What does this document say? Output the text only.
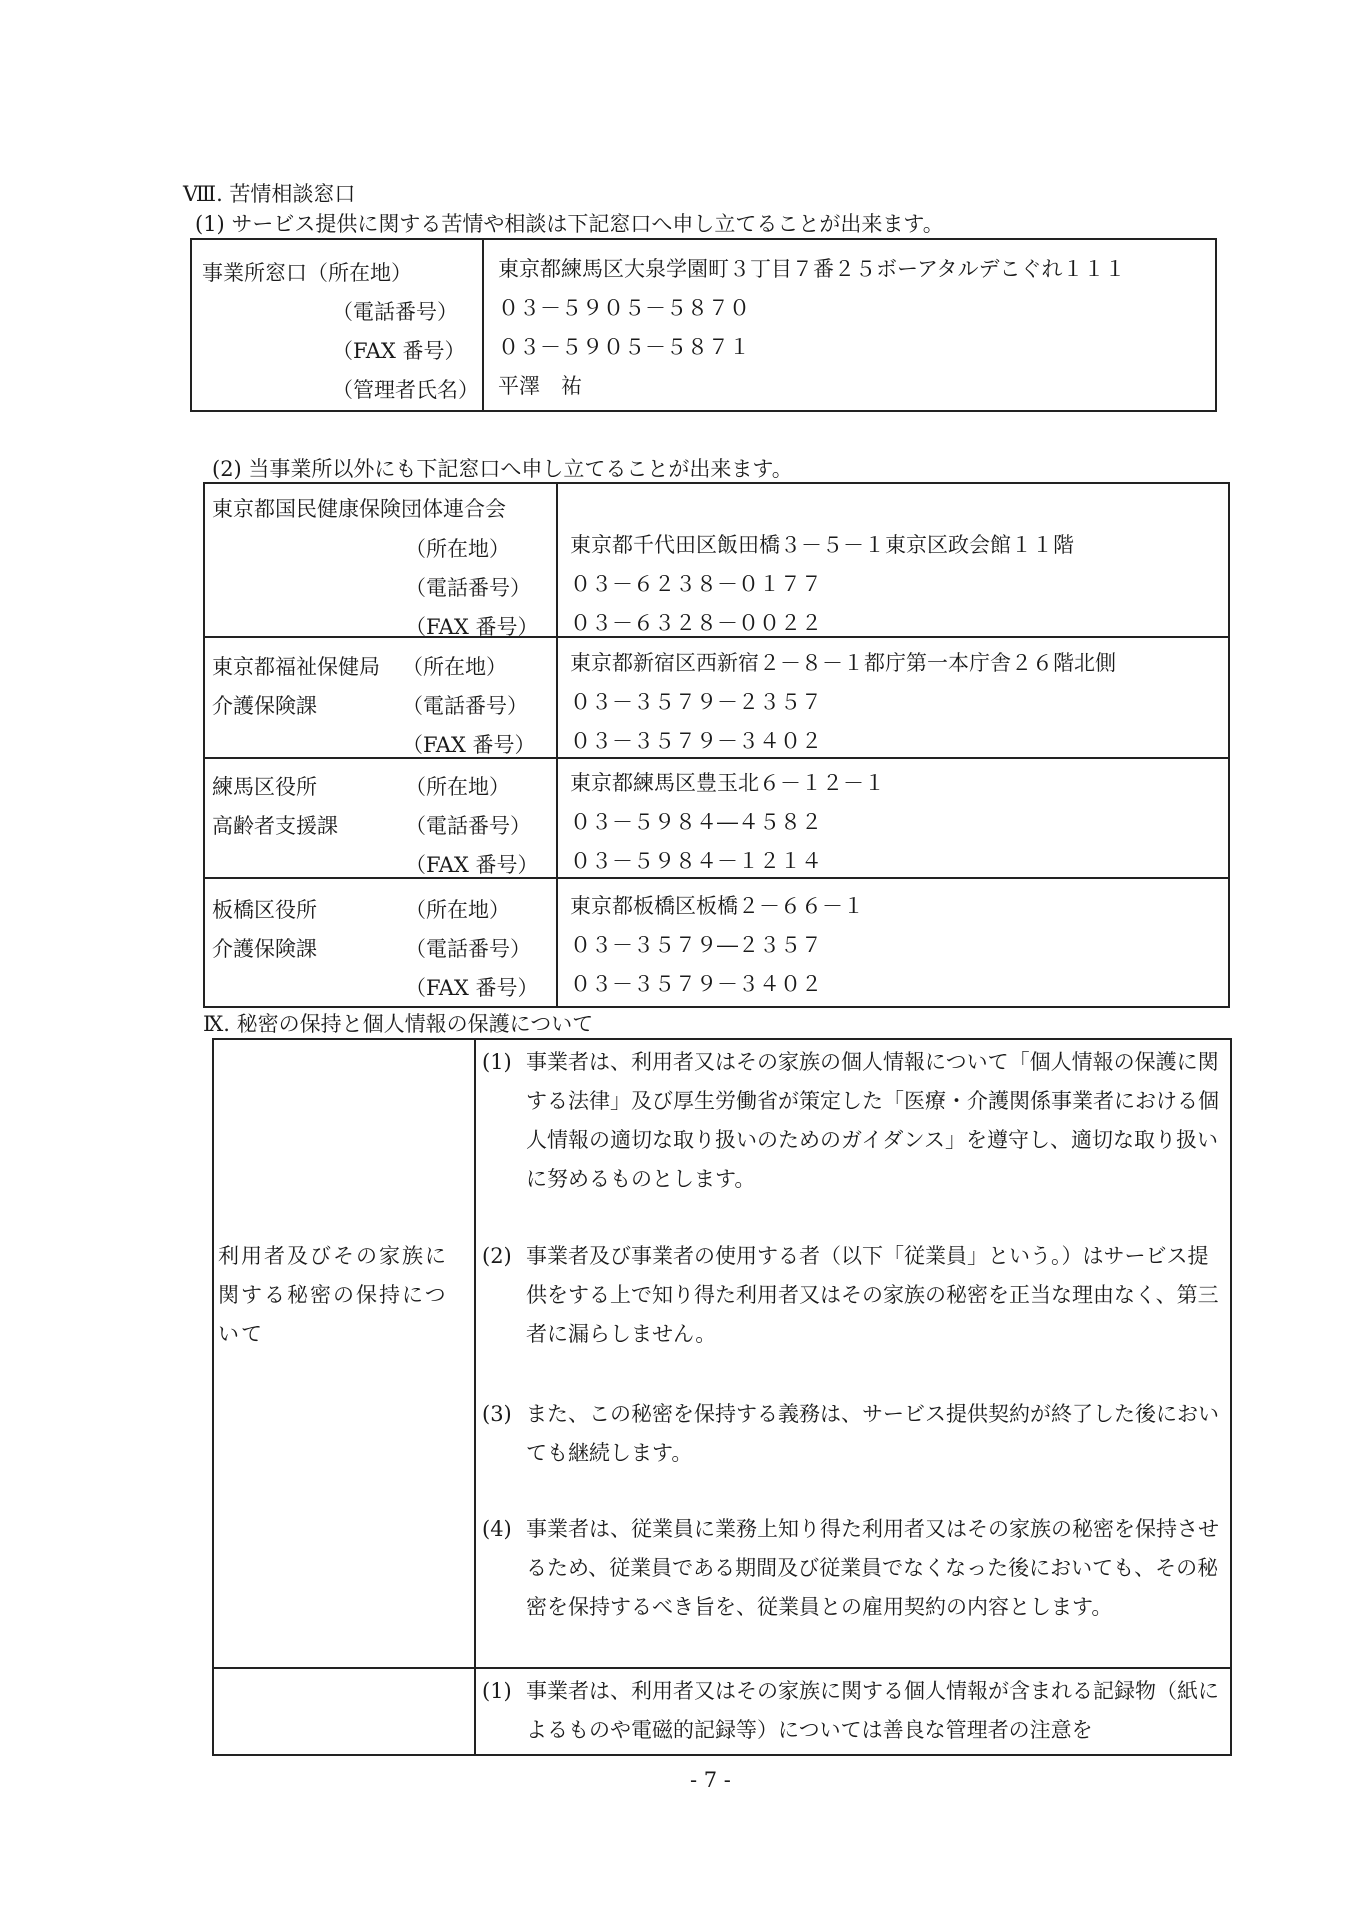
Ⅷ. 苦情相談窓口
(1) サービス提供に関する苦情や相談は下記窓口へ申し立てることが出来ます。
事業所窓口（所在地）
（電話番号）
（FAX 番号）
（管理者氏名）
東京都練馬区大泉学園町３丁目７番２５ボーアタルデこぐれ１１１
０３－５９０５－５８７０
０３－５９０５－５８７１
平澤　祐
(2) 当事業所以外にも下記窓口へ申し立てることが出来ます。
東京都国民健康保険団体連合会
（所在地）
（電話番号）
（FAX 番号）
東京都千代田区飯田橋３－５－１東京区政会館１１階
０３－６２３８－０１７７
０３－６３２８－００２２
東京都福祉保健局
介護保険課
（所在地）
（電話番号）
（FAX 番号）
東京都新宿区西新宿２－８－１都庁第一本庁舎２６階北側
０３－３５７９－２３５７
０３－３５７９－３４０２
練馬区役所
高齢者支援課
（所在地）
（電話番号）
（FAX 番号）
東京都練馬区豊玉北６－１２－１
０３－５９８４―４５８２
０３－５９８４－１２１４
板橋区役所
介護保険課
（所在地）
（電話番号）
（FAX 番号）
東京都板橋区板橋２－６６－１
０３－３５７９―２３５７
０３－３５７９－３４０２
Ⅸ. 秘密の保持と個人情報の保護について
利用者及びその家族に関する秘密の保持について
(1) 事業者は、利用者又はその家族の個人情報について「個人情報の保護に関する法律」及び厚生労働省が策定した「医療・介護関係事業者における個人情報の適切な取り扱いのためのガイダンス」を遵守し、適切な取り扱いに努めるものとします。
(2) 事業者及び事業者の使用する者（以下「従業員」という。）はサービス提供をする上で知り得た利用者又はその家族の秘密を正当な理由なく、第三者に漏らしません。
(3) また、この秘密を保持する義務は、サービス提供契約が終了した後においても継続します。
(4) 事業者は、従業員に業務上知り得た利用者又はその家族の秘密を保持させるため、従業員である期間及び従業員でなくなった後においても、その秘密を保持するべき旨を、従業員との雇用契約の内容とします。
(1) 事業者は、利用者又はその家族に関する個人情報が含まれる記録物（紙によるものや電磁的記録等）については善良な管理者の注意を
- 7 -
